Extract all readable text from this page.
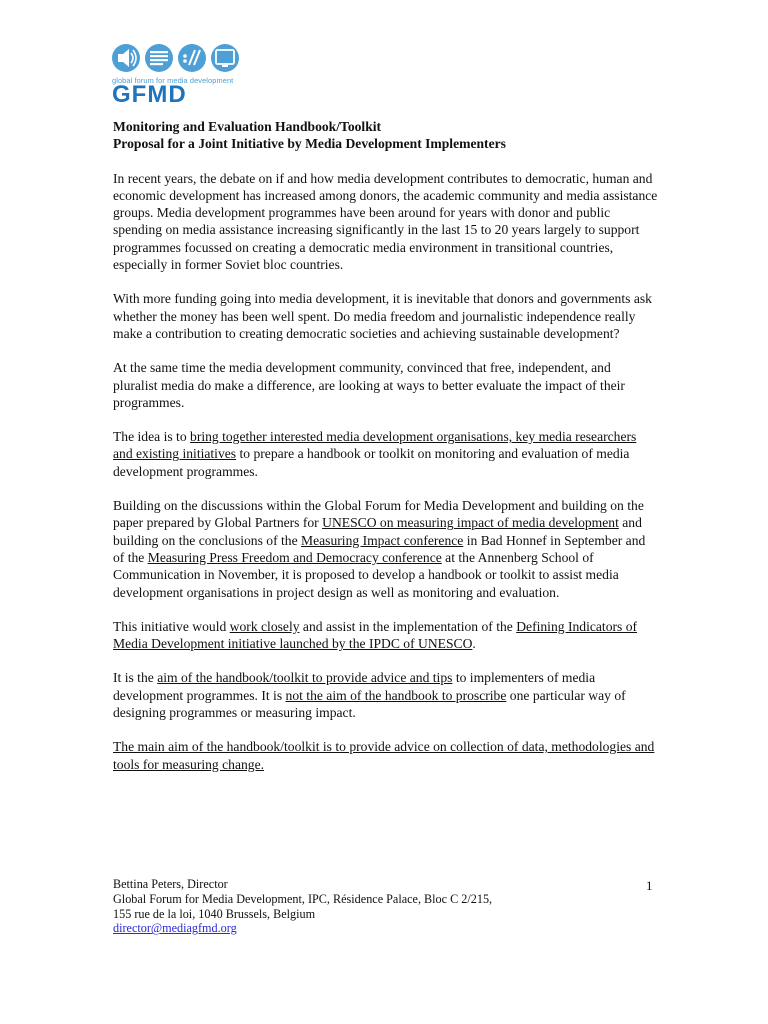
global forum for media development
GFMD

Monitoring and Evaluation Handbook/Toolkit

Proposal for a Joint Initiative by Media Development Implementers

In recent years, the debate on if and how media development contributes to democratic, human and economic development has increased among donors, the academic community and media assistance groups. Media development programmes have been around for years with donor and public spending on media assistance increasing significantly in the last 15 to 20 years largely to support programmes focussed on creating a democratic media environment in transitional countries, especially in former Soviet bloc countries.

With more funding going into media development, it is inevitable that donors and governments ask whether the money has been well spent. Do media freedom and journalistic independence really make a contribution to creating democratic societies and achieving sustainable development?

At the same time the media development community, convinced that free, independent, and pluralist media do make a difference, are looking at ways to better evaluate the impact of their programmes.

The idea is to bring together interested media development organisations, key media researchers and existing initiatives to prepare a handbook or toolkit on monitoring and evaluation of media development programmes.

Building on the discussions within the Global Forum for Media Development and building on the paper prepared by Global Partners for UNESCO on measuring impact of media development and building on the conclusions of the Measuring Impact conference in Bad Honnef in September and of the Measuring Press Freedom and Democracy conference at the Annenberg School of Communication in November, it is proposed to develop a handbook or toolkit to assist media development organisations in project design as well as monitoring and evaluation.

This initiative would work closely and assist in the implementation of the Defining Indicators of Media Development initiative launched by the IPDC of UNESCO.

It is the aim of the handbook/toolkit to provide advice and tips to implementers of media development programmes. It is not the aim of the handbook to proscribe one particular way of designing programmes or measuring impact.

The main aim of the handbook/toolkit is to provide advice on collection of data, methodologies and tools for measuring change.

Bettina Peters, Director
Global Forum for Media Development, IPC, Résidence Palace, Bloc C 2/215,
155 rue de la loi, 1040 Brussels, Belgium
director@mediagfmd.org
1
